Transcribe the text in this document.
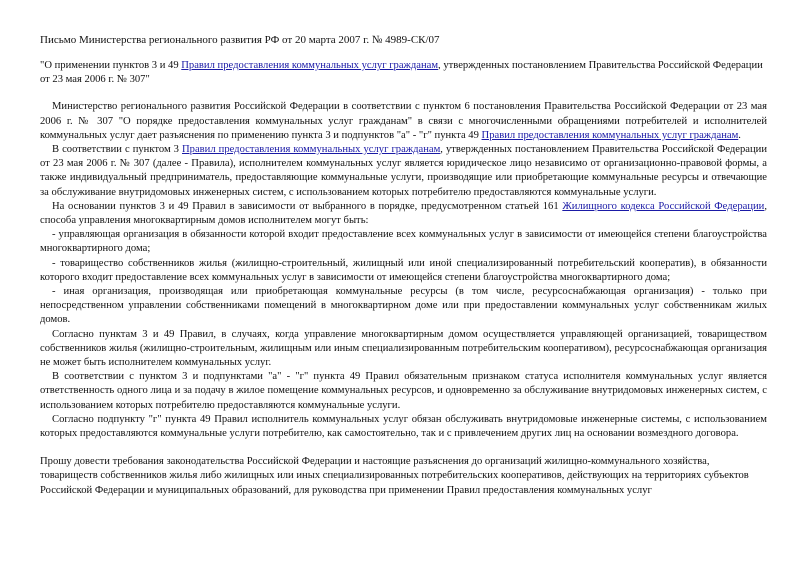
Письмо Министерства регионального развития РФ от 20 марта 2007 г. № 4989-СК/07
"О применении пунктов 3 и 49 Правил предоставления коммунальных услуг гражданам, утвержденных постановлением Правительства Российской Федерации от 23 мая 2006 г. № 307"

Министерство регионального развития Российской Федерации в соответствии с пунктом 6 постановления Правительства Российской Федерации от 23 мая 2006 г. № 307 "О порядке предоставления коммунальных услуг гражданам" в связи с многочисленными обращениями потребителей и исполнителей коммунальных услуг дает разъяснения по применению пункта 3 и подпунктов "а" - "г" пункта 49 Правил предоставления коммунальных услуг гражданам.

В соответствии с пунктом 3 Правил предоставления коммунальных услуг гражданам, утвержденных постановлением Правительства Российской Федерации от 23 мая 2006 г. № 307 (далее - Правила), исполнителем коммунальных услуг является юридическое лицо независимо от организационно-правовой формы, а также индивидуальный предприниматель, предоставляющие коммунальные услуги, производящие или приобретающие коммунальные ресурсы и отвечающие за обслуживание внутридомовых инженерных систем, с использованием которых потребителю предоставляются коммунальные услуги.

На основании пунктов 3 и 49 Правил в зависимости от выбранного в порядке, предусмотренном статьей 161 Жилищного кодекса Российской Федерации, способа управления многоквартирным домов исполнителем могут быть:

- управляющая организация в обязанности которой входит предоставление всех коммунальных услуг в зависимости от имеющейся степени благоустройства многоквартирного дома;

- товарищество собственников жилья (жилищно-строительный, жилищный или иной специализированный потребительский кооператив), в обязанности которого входит предоставление всех коммунальных услуг в зависимости от имеющейся степени благоустройства многоквартирного дома;

- иная организация, производящая или приобретающая коммунальные ресурсы (в том числе, ресурсоснабжающая организация) - только при непосредственном управлении собственниками помещений в многоквартирном доме или при предоставлении коммунальных услуг собственникам жилых домов.

Согласно пунктам 3 и 49 Правил, в случаях, когда управление многоквартирным домом осуществляется управляющей организацией, товариществом собственников жилья (жилищно-строительным, жилищным или иным специализированным потребительским кооперативом), ресурсоснабжающая организация не может быть исполнителем коммунальных услуг.

В соответствии с пунктом 3 и подпунктами "а" - "г" пункта 49 Правил обязательным признаком статуса исполнителя коммунальных услуг является ответственность одного лица и за подачу в жилое помещение коммунальных ресурсов, и одновременно за обслуживание внутридомовых инженерных систем, с использованием которых потребителю предоставляются коммунальные услуги.

Согласно подпункту "г" пункта 49 Правил исполнитель коммунальных услуг обязан обслуживать внутридомовые инженерные системы, с использованием которых предоставляются коммунальные услуги потребителю, как самостоятельно, так и с привлечением других лиц на основании возмездного договора.

Прошу довести требования законодательства Российской Федерации и настоящие разъяснения до организаций жилищно-коммунального хозяйства, товариществ собственников жилья либо жилищных или иных специализированных потребительских кооперативов, действующих на территориях субъектов Российской Федерации и муниципальных образований, для руководства при применении Правил предоставления коммунальных услуг
